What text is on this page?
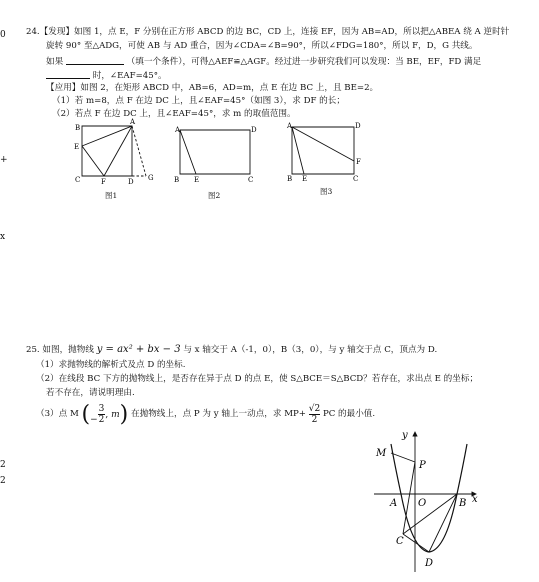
0
+
x
2
2
24.【发现】如图 1，点 E，F 分别在正方形 ABCD 的边 BC，CD 上，连接 EF，因为 AB=AD，所以把△ABEA 绕 A 逆时针
旋转 90° 至△ADG，可使 AB 与 AD 重合，因为∠CDA=∠B=90°，所以∠FDG=180°，所以 F，D，G 共线。
如果	（填一个条件），可得△AEF≌△AGF。经过进一步研究我们可以发现：当 BE，EF，FD 满足
时，∠EAF=45°。
【应用】如图 2，在矩形 ABCD 中，AB=6，AD=m，点 E 在边 BC 上，且 BE=2。
（1）若 m=8，点 F 在边 DC 上，且∠EAF=45°（如图 3），求 DF 的长；
（2）若点 F 在边 DC 上，且∠EAF=45°，求 m 的取值范围。
A
B
E
C	F	D G
图1
A	D
B E	C
图2
A	D
F
B E	C
图3
25. 如图，抛物线 y = ax² + bx − 3 与 x 轴交于 A（-1，0），B（3，0），与 y 轴交于点 C，顶点为 D.
（1）求抛物线的解析式及点 D 的坐标.
（2）在线段 BC 下方的抛物线上，是否存在异于点 D 的点 E，使 S△BCE＝S△BCD？若存在，求出点 E 的坐标；
若不存在，请说明理由.
（3）点 M (− $\frac{3}{2}$ , m) 在抛物线上，点 P 为 y 轴上一动点，求 $MP+ \frac{√2}{2}$ PC 的最小值.
y
x
M
P
A O	B
C
D
